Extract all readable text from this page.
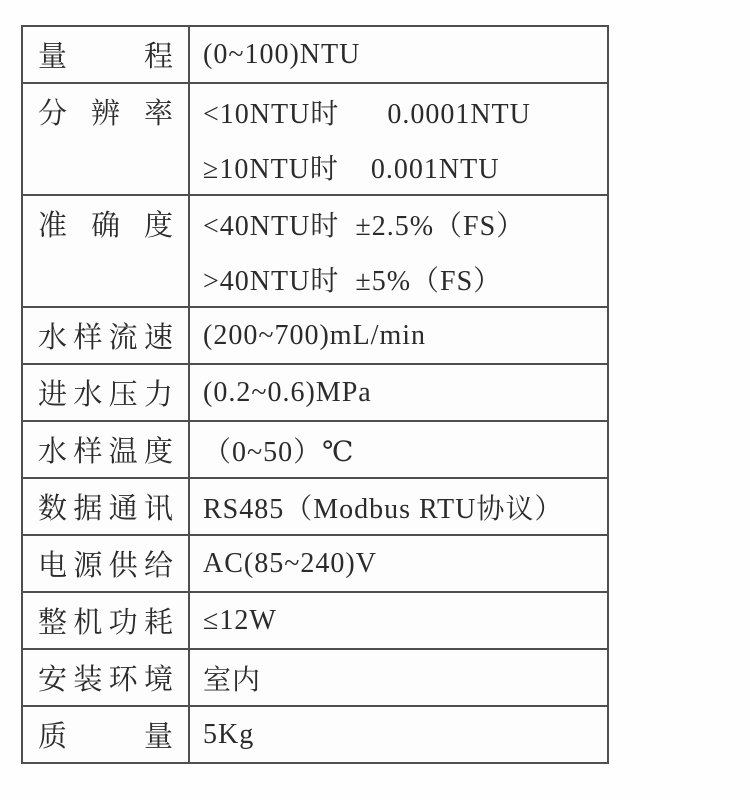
量 程	(0~100)NTU

分 辨 率	<10NTU时      0.0001NTU
≥10NTU时    0.001NTU

准 确 度	<40NTU时  ±2.5%（FS）
>40NTU时  ±5%（FS）

水 样 流 速	(200~700)mL/min

进 水 压 力	(0.2~0.6)MPa

水 样 温 度	（0~50）℃

数 据 通 讯	RS485（Modbus RTU协议）

电 源 供 给	AC(85~240)V

整 机 功 耗	≤12W

安 装 环 境	室内

质 量	5Kg
